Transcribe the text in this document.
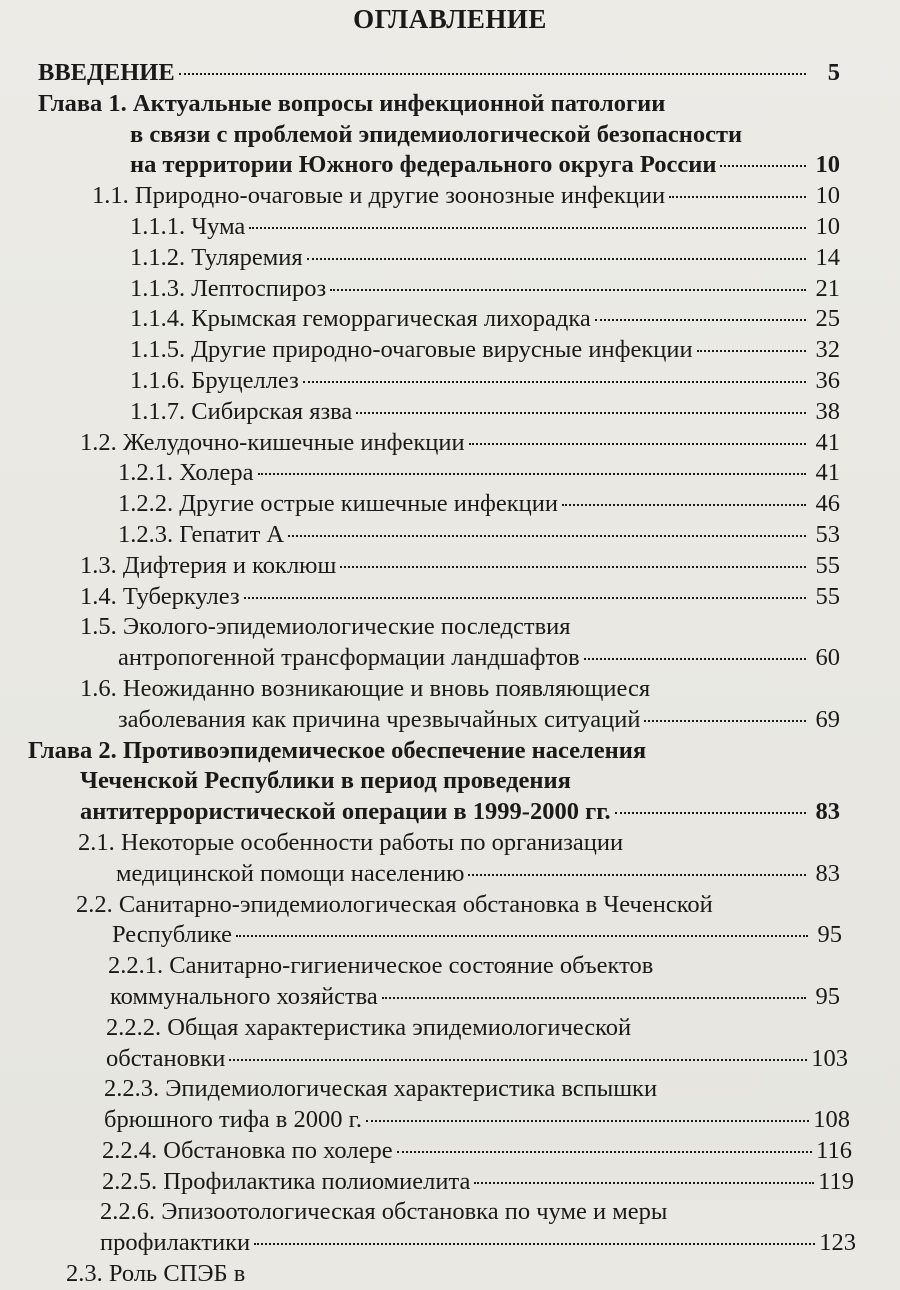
ОГЛАВЛЕНИЕ
ВВЕДЕНИЕ	5
Глава 1. Актуальные вопросы инфекционной патологии
в связи с проблемой эпидемиологической безопасности
на территории Южного федерального округа России	10
1.1. Природно-очаговые и другие зоонозные инфекции	10
1.1.1. Чума	10
1.1.2. Туляремия	14
1.1.3. Лептоспироз	21
1.1.4. Крымская геморрагическая лихорадка	25
1.1.5. Другие природно-очаговые вирусные инфекции	32
1.1.6. Бруцеллез	36
1.1.7. Сибирская язва	38
1.2. Желудочно-кишечные инфекции	41
1.2.1. Холера	41
1.2.2. Другие острые кишечные инфекции	46
1.2.3. Гепатит А	53
1.3. Дифтерия и коклюш	55
1.4. Туберкулез	55
1.5. Эколого-эпидемиологические последствия
антропогенной трансформации ландшафтов	60
1.6. Неожиданно возникающие и вновь появляющиеся
заболевания как причина чрезвычайных ситуаций	69
Глава 2. Противоэпидемическое обеспечение населения
Чеченской Республики в период проведения
антитеррористической операции в 1999-2000 гг.	83
2.1. Некоторые особенности работы по организации
медицинской помощи населению	83
2.2. Санитарно-эпидемиологическая обстановка в Чеченской
Республике	95
2.2.1. Санитарно-гигиеническое состояние объектов
коммунального хозяйства	95
2.2.2. Общая характеристика эпидемиологической
обстановки	103
2.2.3. Эпидемиологическая характеристика вспышки
брюшного тифа в 2000 г.	108
2.2.4. Обстановка по холере	116
2.2.5. Профилактика полиомиелита	119
2.2.6. Эпизоотологическая обстановка по чуме и меры
профилактики	123
2.3. Роль СПЭБ в
